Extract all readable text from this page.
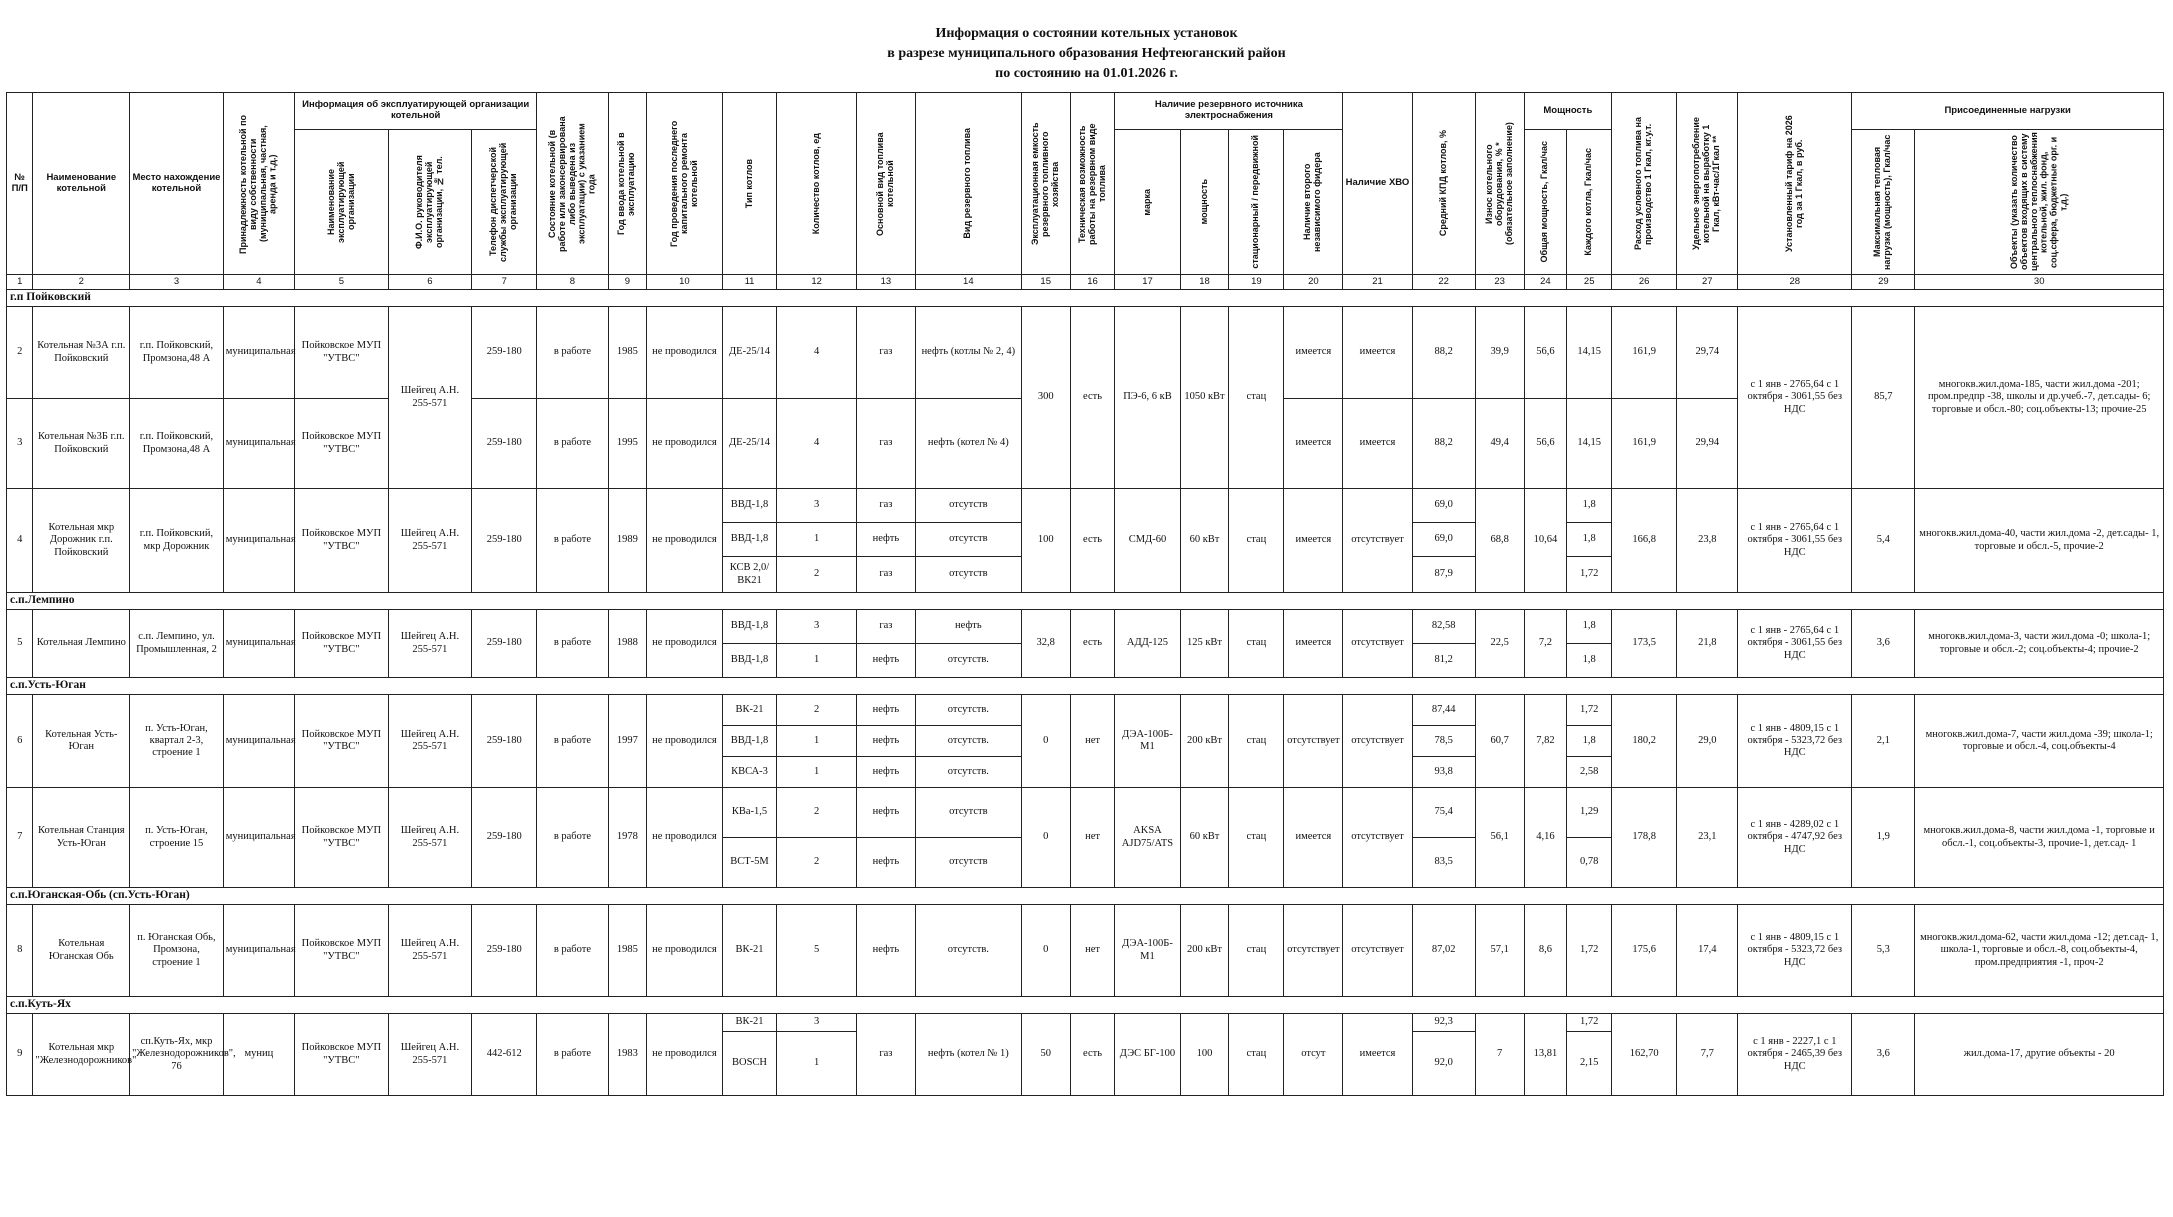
Информация о состоянии котельных установок
в разрезе муниципального образования Нефтеюганский район
по состоянию на 01.01.2026 г.
№ П/П	Наименование котельной	Место нахождение котельной	Принадлежность котельной по виду собственности (муниципальная, частная, аренда и т.д.)	Информация об эксплуатирующей организации котельной			Состояние котельной (в работе или законсервирована либо выведена из эксплуатации) с указанием года	Год ввода котельной в эксплуатацию	Год проведения последнего капитального ремонта котельной	Тип котлов	Количество котлов, ед	Основной вид топлива котельной	Вид резервного топлива	Эксплуатационная емкость резервного топливного хозяйства	Техническая возможность работы на резервном виде топлива	Наличие резервного источника электроснабжения				Наличие ХВО	Средний КПД котлов, %	Износ котельного оборудования, % * (обязательное заполнение)	Мощность		Расход условного топлива на производство 1 Гкал, кг.у.т.	Удельное энергопотребление котельной на выработку 1 Гкал, кВт-час/1Гкал **	Установленный тариф на 2026 год за 1 Гкал, в руб.	Присоединенные нагрузки	

				Наименование эксплуатирующей организации	Ф.И.О. руководителя эксплуатирующей организации, № тел.	Телефон диспетчерской службы эксплуатирующей организации										марка	мощность	стационарный / передвижной	Наличие второго независимого фидера				Общая мощность, Гкал/час	Каждого котла, Гкал/час				Максимальная тепловая нагрузка (мощность), Гкал/час	Объекты (указать количество объектов входящих в систему центрального теплоснабжения котельной, жил. фонд, соц.сфера, бюджетные орг. и т.д.)

1	2	3	4	5	6	7	8	9	10	11	12	13	14	15	16	17	18	19	20	21	22	23	24	25	26	27	28	29	30
г.п Пойковский																													
2	Котельная №3А г.п. Пойковский	г.п. Пойковский, Промзона,48 А	муниципальная	Пойковское МУП "УТВС"	Шейгец А.Н. 255-571	259-180	в работе	1985	не проводился	ДЕ-25/14	4	газ	нефть (котлы № 2, 4)	300	есть	ПЭ-6, 6 кВ	1050 кВт	стац	имеется	имеется	88,2	39,9	56,6	14,15	161,9	29,74	с 1 янв - 2765,64 с 1 октября - 3061,55 без НДС	85,7	многокв.жил.дома-185, части жил.дома -201; пром.предпр -38, школы и др.учеб.-7, дет.сады- 6; торговые и обсл.-80; соц.объекты-13; прочие-25
3	Котельная №3Б г.п. Пойковский	г.п. Пойковский, Промзона,48 А	муниципальная	Пойковское МУП "УТВС"		259-180	в работе	1995	не проводился	ДЕ-25/14	4	газ	нефть (котел № 4)						имеется	имеется	88,2	49,4	56,6	14,15	161,9	29,94			
4	Котельная мкр Дорожник г.п. Пойковский	г.п. Пойковский, мкр Дорожник	муниципальная	Пойковское МУП "УТВС"	Шейгец А.Н. 255-571	259-180	в работе	1989	не проводился	ВВД-1,8	3	газ	отсутств	100	есть	СМД-60	60 кВт	стац	имеется	отсутствует	69,0	68,8	10,64	1,8	166,8	23,8	с 1 янв - 2765,64 с 1 октября - 3061,55 без НДС	5,4	многокв.жил.дома-40, части жил.дома -2, дет.сады- 1, торговые и обсл.-5, прочие-2
										ВВД-1,8	1	нефть	отсутств								69,0			1,8					
										КСВ 2,0/ВК21	2	газ	отсутств								87,9			1,72					
с.п.Лемпино																													
5	Котельная Лемпино	с.п. Лемпино, ул. Промышленная, 2	муниципальная	Пойковское МУП "УТВС"	Шейгец А.Н. 255-571	259-180	в работе	1988	не проводился	ВВД-1,8	3	газ	нефть	32,8	есть	АДД-125	125 кВт	стац	имеется	отсутствует	82,58	22,5	7,2	1,8	173,5	21,8	с 1 янв - 2765,64 с 1 октября - 3061,55 без НДС	3,6	многокв.жил.дома-3, части жил.дома -0; школа-1; торговые и обсл.-2; соц.объекты-4; прочие-2
										ВВД-1,8	1	нефть	отсутств.								81,2			1,8					
с.п.Усть-Юган																													
6	Котельная Усть-Юган	п. Усть-Юган, квартал 2-3, строение 1	муниципальная	Пойковское МУП "УТВС"	Шейгец А.Н. 255-571	259-180	в работе	1997	не проводился	ВК-21	2	нефть	отсутств.	0	нет	ДЭА-100Б-М1	200 кВт	стац	отсутствует	отсутствует	87,44	60,7	7,82	1,72	180,2	29,0	с 1 янв - 4809,15 с 1 октября - 5323,72 без НДС	2,1	многокв.жил.дома-7, части жил.дома -39; школа-1; торговые и обсл.-4, соц.объекты-4
										ВВД-1,8	1	нефть	отсутств.								78,5			1,8					
										КВСА-3	1	нефть	отсутств.								93,8			2,58					
7	Котельная Станция Усть-Юган	п. Усть-Юган, строение 15	муниципальная	Пойковское МУП "УТВС"	Шейгец А.Н. 255-571	259-180	в работе	1978	не проводился	КВа-1,5	2	нефть	отсутств	0	нет	AKSA AJD75/ATS	60 кВт	стац	имеется	отсутствует	75,4	56,1	4,16	1,29	178,8	23,1	с 1 янв - 4289,02 с 1 октября - 4747,92 без НДС	1,9	многокв.жил.дома-8, части жил.дома -1, торговые и обсл.-1, соц.объекты-3, прочие-1, дет.сад- 1
										ВСТ-5М	2	нефть	отсутств								83,5			0,78					
с.п.Юганская-Обь (сп.Усть-Юган)																													
8	Котельная Юганская Обь	п. Юганская Обь, Промзона, строение 1	муниципальная	Пойковское МУП "УТВС"	Шейгец А.Н. 255-571	259-180	в работе	1985	не проводился	ВК-21	5	нефть	отсутств.	0	нет	ДЭА-100Б-М1	200 кВт	стац	отсутствует	отсутствует	87,02	57,1	8,6	1,72	175,6	17,4	с 1 янв - 4809,15 с 1 октября - 5323,72 без НДС	5,3	многокв.жил.дома-62, части жил.дома -12; дет.сад- 1, школа-1, торговые и обсл.-8, соц.объекты-4, пром.предприятия -1, проч-2
с.п.Куть-Ях																													
9	Котельная мкр "Железнодорожников"	сп.Куть-Ях, мкр "Железнодорожников", 76	муниц	Пойковское МУП "УТВС"	Шейгец А.Н. 255-571	442-612	в работе	1983	не проводился	ВК-21	3	газ	нефть (котел № 1)	50	есть	ДЭС БГ-100	100	стац	отсут	имеется	92,3	7	13,81	1,72	162,70	7,7	с 1 янв - 2227,1 с 1 октября - 2465,39 без НДС	3,6	жил.дома-17, другие объекты - 20
										BOSCH	1										92,0			2,15					
